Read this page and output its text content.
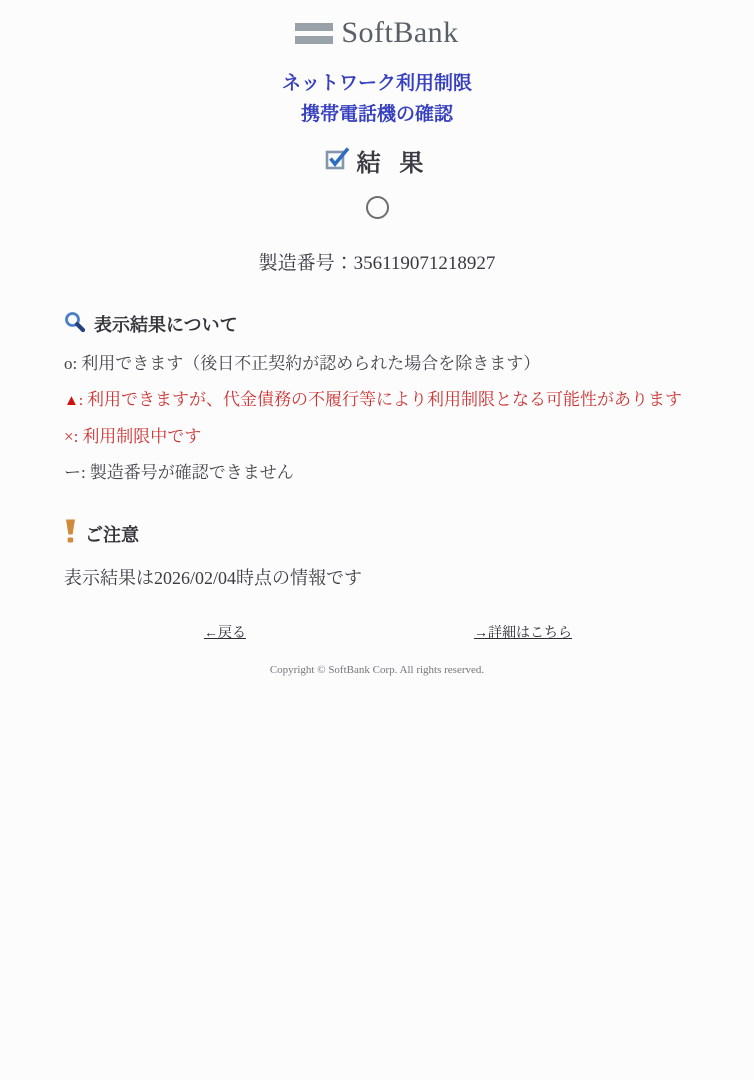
SoftBank
ネットワーク利用制限
携帯電話機の確認
結 果
製造番号：356119071218927
表示結果について
o: 利用できます（後日不正契約が認められた場合を除きます）
▲: 利用できますが、代金債務の不履行等により利用制限となる可能性があります
×: 利用制限中です
ー: 製造番号が確認できません
ご注意
表示結果は2026/02/04時点の情報です
←戻る	→詳細はこちら
Copyright © SoftBank Corp. All rights reserved.
